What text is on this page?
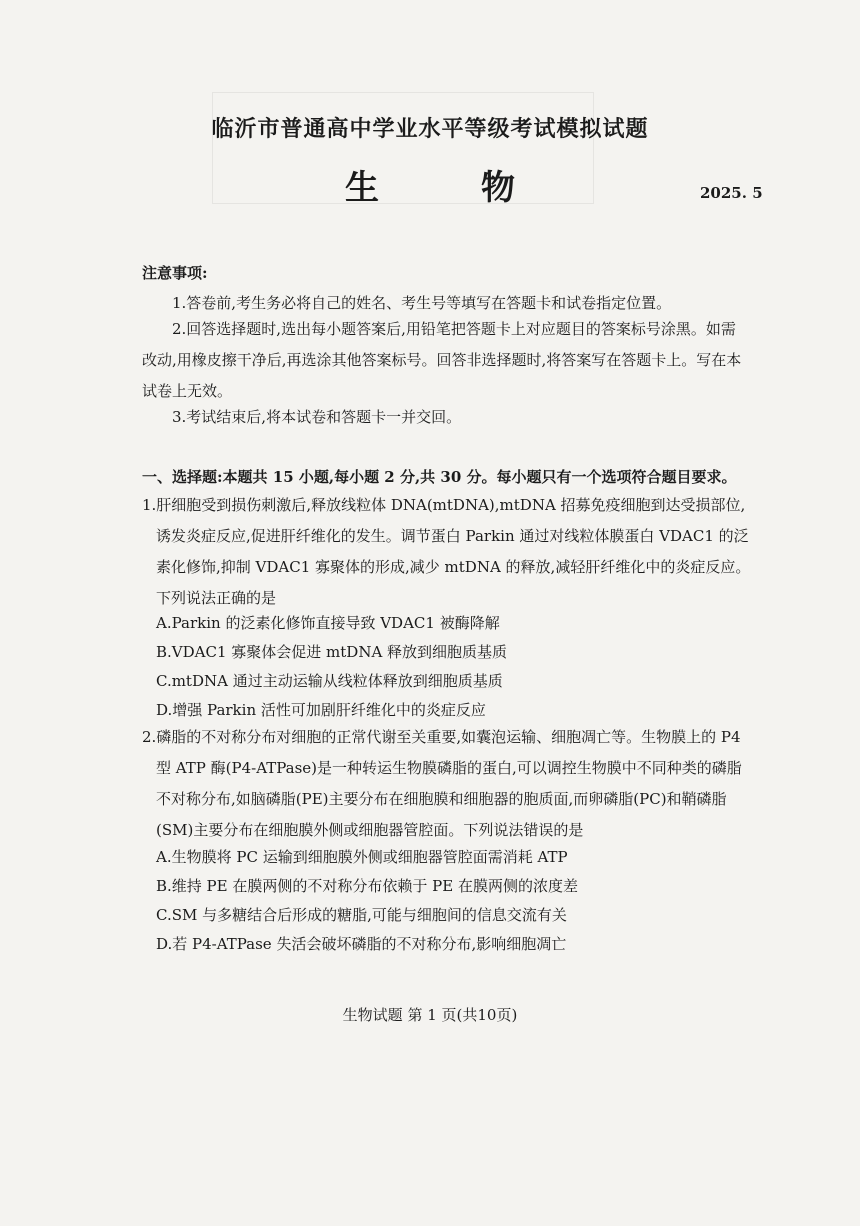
临沂市普通高中学业水平等级考试模拟试题
生　物	2025. 5
注意事项:
1.答卷前,考生务必将自己的姓名、考生号等填写在答题卡和试卷指定位置。
2.回答选择题时,选出每小题答案后,用铅笔把答题卡上对应题目的答案标号涂黑。如需改动,用橡皮擦干净后,再选涂其他答案标号。回答非选择题时,将答案写在答题卡上。写在本试卷上无效。
3.考试结束后,将本试卷和答题卡一并交回。
一、选择题:本题共 15 小题,每小题 2 分,共 30 分。每小题只有一个选项符合题目要求。
1.肝细胞受到损伤刺激后,释放线粒体 DNA(mtDNA),mtDNA 招募免疫细胞到达受损部位,诱发炎症反应,促进肝纤维化的发生。调节蛋白 Parkin 通过对线粒体膜蛋白 VDAC1 的泛素化修饰,抑制 VDAC1 寡聚体的形成,减少 mtDNA 的释放,减轻肝纤维化中的炎症反应。下列说法正确的是
A.Parkin 的泛素化修饰直接导致 VDAC1 被酶降解
B.VDAC1 寡聚体会促进 mtDNA 释放到细胞质基质
C.mtDNA 通过主动运输从线粒体释放到细胞质基质
D.增强 Parkin 活性可加剧肝纤维化中的炎症反应
2.磷脂的不对称分布对细胞的正常代谢至关重要,如囊泡运输、细胞凋亡等。生物膜上的 P4 型 ATP 酶(P4-ATPase)是一种转运生物膜磷脂的蛋白,可以调控生物膜中不同种类的磷脂不对称分布,如脑磷脂(PE)主要分布在细胞膜和细胞器的胞质面,而卵磷脂(PC)和鞘磷脂(SM)主要分布在细胞膜外侧或细胞器管腔面。下列说法错误的是
A.生物膜将 PC 运输到细胞膜外侧或细胞器管腔面需消耗 ATP
B.维持 PE 在膜两侧的不对称分布依赖于 PE 在膜两侧的浓度差
C.SM 与多糖结合后形成的糖脂,可能与细胞间的信息交流有关
D.若 P4-ATPase 失活会破坏磷脂的不对称分布,影响细胞凋亡
生物试题 第 1 页(共10页)
